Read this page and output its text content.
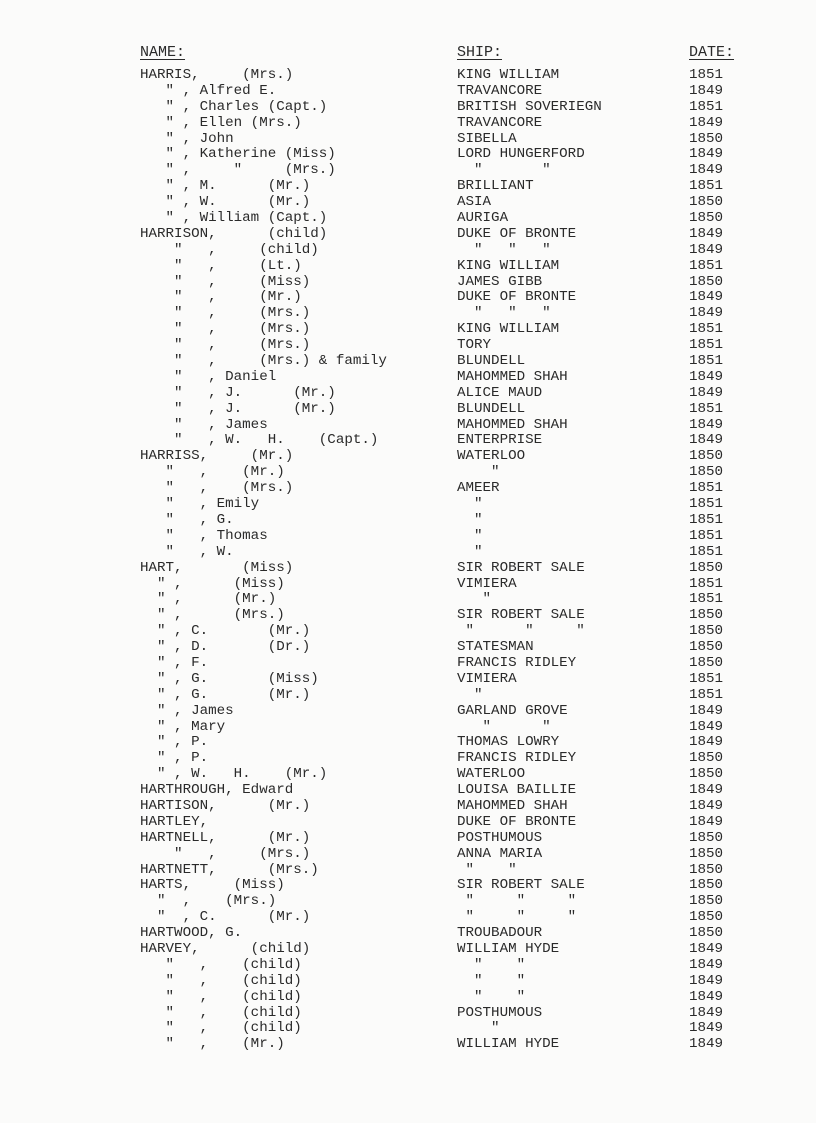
NAME:	SHIP:	DATE:
HARRIS,     (Mrs.)	KING WILLIAM	1851
" , Alfred E.	TRAVANCORE	1849
" , Charles (Capt.)	BRITISH SOVERIEGN	1851
" , Ellen (Mrs.)	TRAVANCORE	1849
" , John	SIBELLA	1850
" , Katherine (Miss)	LORD HUNGERFORD	1849
" ,     "     (Mrs.)	"       "	1849
" , M.      (Mr.)	BRILLIANT	1851
" , W.      (Mr.)	ASIA	1850
" , William (Capt.)	AURIGA	1850
HARRISON,      (child)	DUKE OF BRONTE	1849
"   ,     (child)	"   "   "	1849
"   ,     (Lt.)	KING WILLIAM	1851
"   ,     (Miss)	JAMES GIBB	1850
"   ,     (Mr.)	DUKE OF BRONTE	1849
"   ,     (Mrs.)	"   "   "	1849
"   ,     (Mrs.)	KING WILLIAM	1851
"   ,     (Mrs.)	TORY	1851
"   ,     (Mrs.) & family	BLUNDELL	1851
"   , Daniel	MAHOMMED SHAH	1849
"   , J.      (Mr.)	ALICE MAUD	1849
"   , J.      (Mr.)	BLUNDELL	1851
"   , James	MAHOMMED SHAH	1849
"   , W.   H.    (Capt.)	ENTERPRISE	1849
HARRISS,     (Mr.)	WATERLOO	1850
"   ,    (Mr.)	"	1850
"   ,    (Mrs.)	AMEER	1851
"   , Emily	"	1851
"   , G.	"	1851
"   , Thomas	"	1851
"   , W.	"	1851
HART,       (Miss)	SIR ROBERT SALE	1850
" ,      (Miss)	VIMIERA	1851
" ,      (Mr.)	"	1851
" ,      (Mrs.)	SIR ROBERT SALE	1850
" , C.       (Mr.)	"      "     "	1850
" , D.       (Dr.)	STATESMAN	1850
" , F.	FRANCIS RIDLEY	1850
" , G.       (Miss)	VIMIERA	1851
" , G.       (Mr.)	"	1851
" , James	GARLAND GROVE	1849
" , Mary	"      "	1849
" , P.	THOMAS LOWRY	1849
" , P.	FRANCIS RIDLEY	1850
" , W.   H.    (Mr.)	WATERLOO	1850
HARTHROUGH, Edward	LOUISA BAILLIE	1849
HARTISON,      (Mr.)	MAHOMMED SHAH	1849
HARTLEY,	DUKE OF BRONTE	1849
HARTNELL,      (Mr.)	POSTHUMOUS	1850
"   ,     (Mrs.)	ANNA MARIA	1850
HARTNETT,      (Mrs.)	"    "	1850
HARTS,     (Miss)	SIR ROBERT SALE	1850
"  ,    (Mrs.)	"     "     "	1850
"  , C.      (Mr.)	"     "     "	1850
HARTWOOD, G.	TROUBADOUR	1850
HARVEY,      (child)	WILLIAM HYDE	1849
"   ,    (child)	"    "	1849
"   ,    (child)	"    "	1849
"   ,    (child)	"    "	1849
"   ,    (child)	POSTHUMOUS	1849
"   ,    (child)	"	1849
"   ,    (Mr.)	WILLIAM HYDE	1849
